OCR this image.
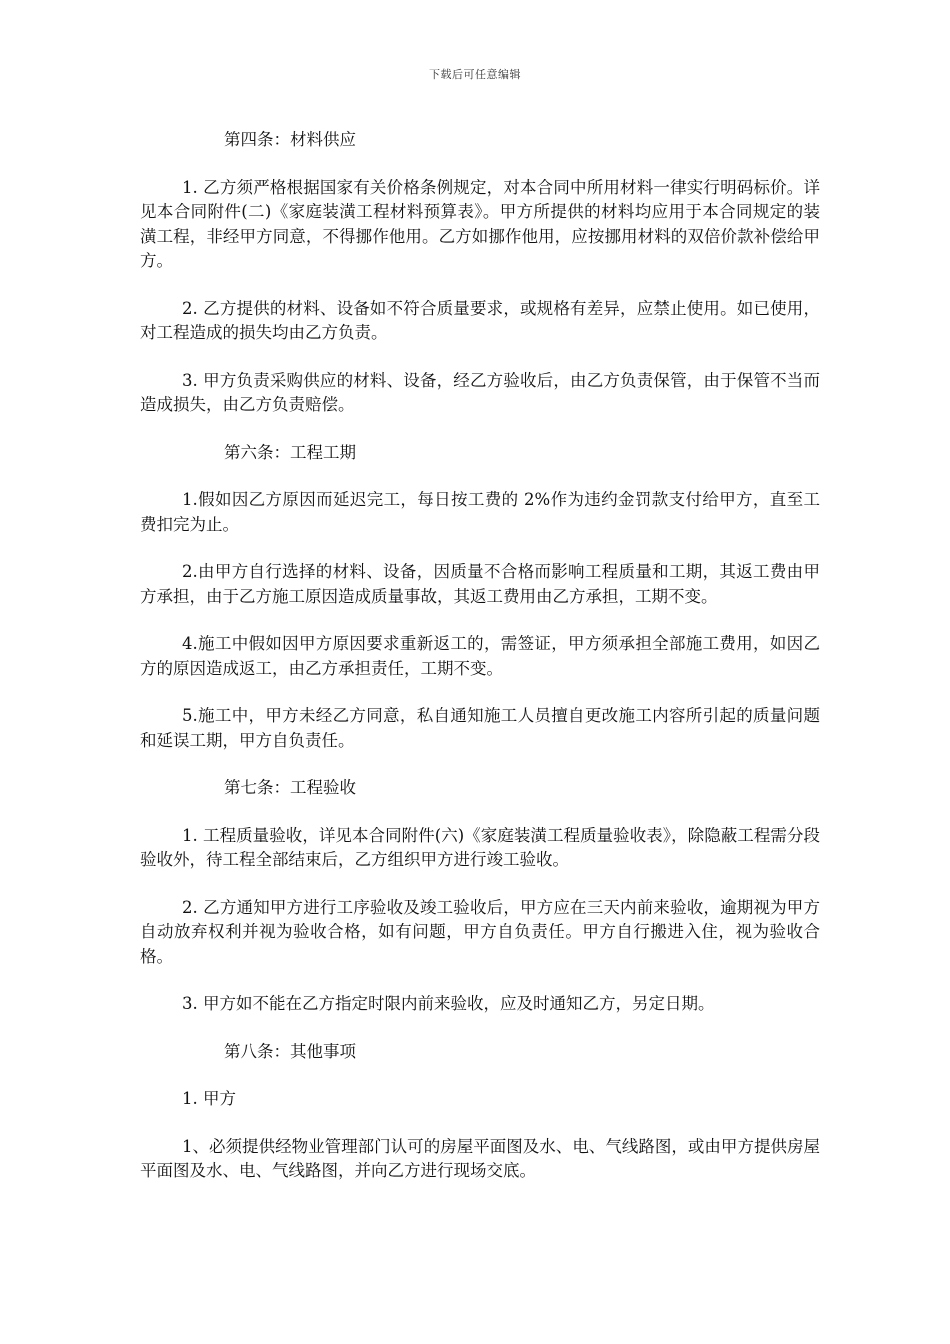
下载后可任意编辑

第四条：材料供应

1. 乙方须严格根据国家有关价格条例规定，对本合同中所用材料一律实行明码标价。详见本合同附件(二)《家庭装潢工程材料预算表》。甲方所提供的材料均应用于本合同规定的装潢工程，非经甲方同意，不得挪作他用。乙方如挪作他用，应按挪用材料的双倍价款补偿给甲方。

2. 乙方提供的材料、设备如不符合质量要求，或规格有差异，应禁止使用。如已使用，对工程造成的损失均由乙方负责。

3. 甲方负责采购供应的材料、设备，经乙方验收后，由乙方负责保管，由于保管不当而造成损失，由乙方负责赔偿。

第六条：工程工期

1.假如因乙方原因而延迟完工，每日按工费的 2%作为违约金罚款支付给甲方，直至工费扣完为止。

2.由甲方自行选择的材料、设备，因质量不合格而影响工程质量和工期，其返工费由甲方承担，由于乙方施工原因造成质量事故，其返工费用由乙方承担，工期不变。

4.施工中假如因甲方原因要求重新返工的，需签证，甲方须承担全部施工费用，如因乙方的原因造成返工，由乙方承担责任，工期不变。

5.施工中，甲方未经乙方同意，私自通知施工人员擅自更改施工内容所引起的质量问题和延误工期，甲方自负责任。

第七条：工程验收

1. 工程质量验收，详见本合同附件(六)《家庭装潢工程质量验收表》，除隐蔽工程需分段验收外，待工程全部结束后，乙方组织甲方进行竣工验收。

2. 乙方通知甲方进行工序验收及竣工验收后，甲方应在三天内前来验收，逾期视为甲方自动放弃权利并视为验收合格，如有问题，甲方自负责任。甲方自行搬进入住，视为验收合格。

3. 甲方如不能在乙方指定时限内前来验收，应及时通知乙方，另定日期。

第八条：其他事项

1. 甲方

1、必须提供经物业管理部门认可的房屋平面图及水、电、气线路图，或由甲方提供房屋平面图及水、电、气线路图，并向乙方进行现场交底。
